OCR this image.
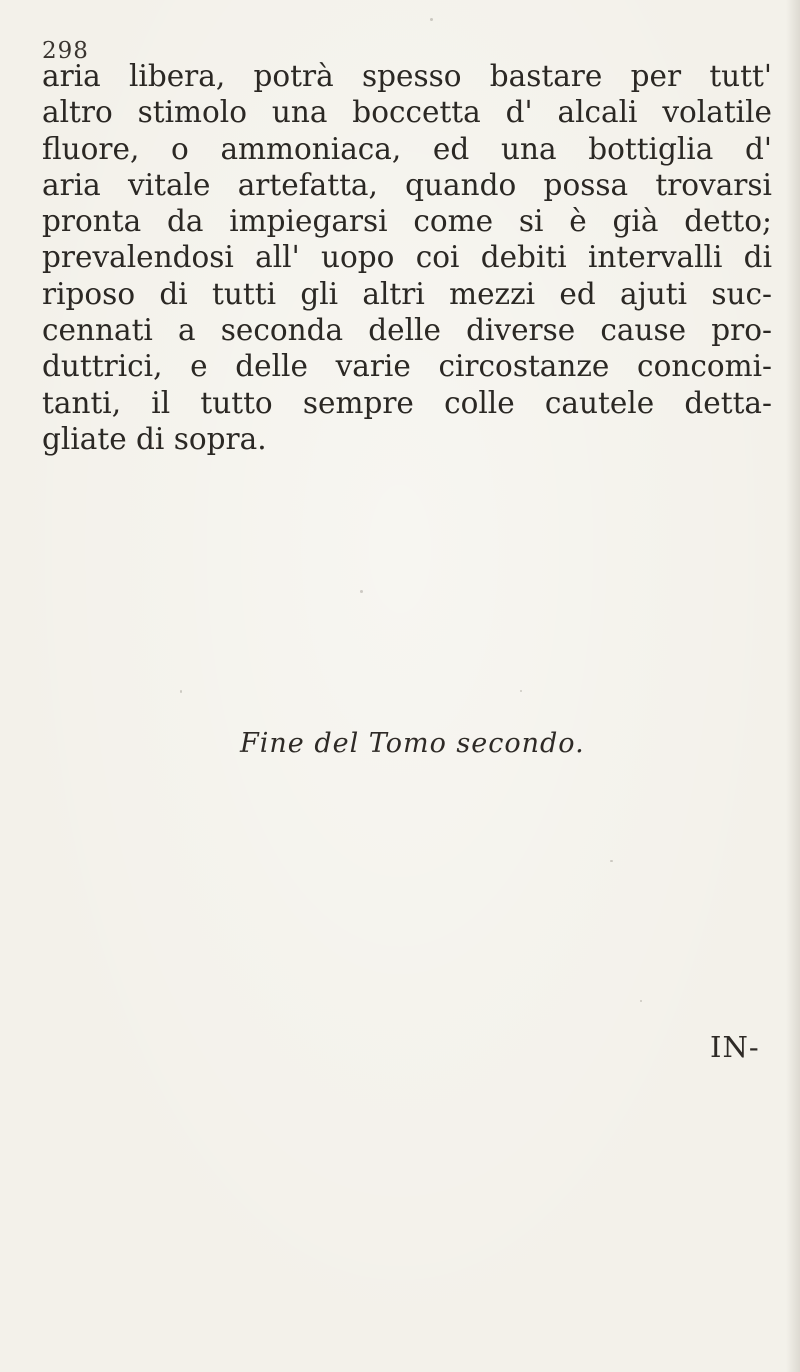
298
aria libera, potrà spesso bastare per tutt'
altro stimolo una boccetta d' alcali volatile
fluore, o ammoniaca, ed una bottiglia d'
aria vitale artefatta, quando possa trovarsi
pronta da impiegarsi come si è già detto;
prevalendosi all' uopo coi debiti intervalli di
riposo di tutti gli altri mezzi ed ajuti suc-
cennati a seconda delle diverse cause pro-
duttrici, e delle varie circostanze concomi-
tanti, il tutto sempre colle cautele detta-
gliate di sopra.
Fine del Tomo secondo.
IN-
